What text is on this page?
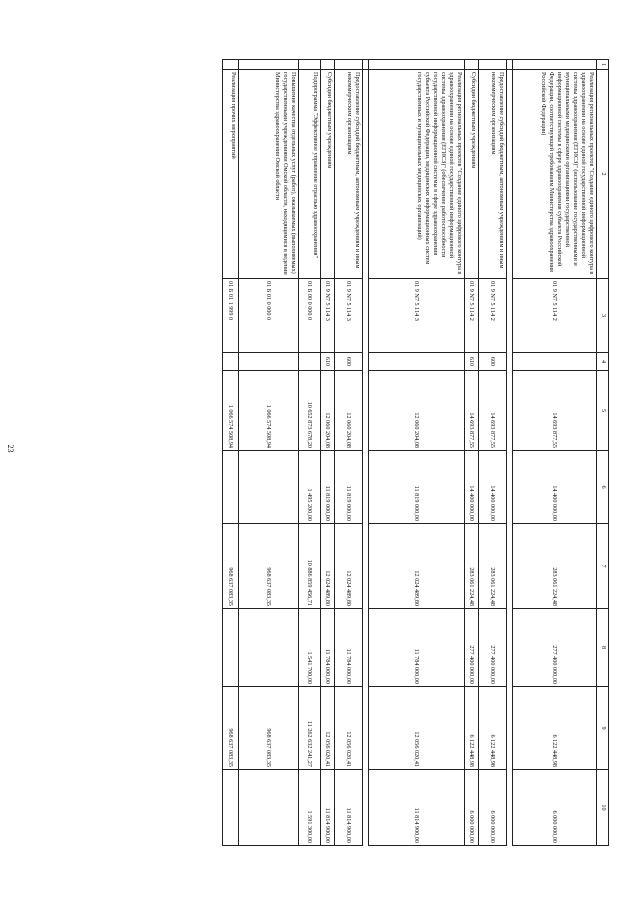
23
1	2	3	4	5	6	7	8	9	10
	Реализация региональных проектов "Создание единого цифрового контура в здравоохранении на основе единой государственной информационной системы здравоохранения (ЕГИСЗ)" (использование государственными и муниципальными медицинскими организациями государственной информационной системы в сфере здравоохранения субъекта Российской Федерации, соответствующей требованиям Министерства здравоохранения Российской Федерации)	01 9 N7 5 114 2		14 693 877,55	14 400 000,00	283 061 224,48	277 400 000,00	6 122 448,98	6 000 000,00

	Предоставление субсидий бюджетным, автономным учреждениям и иным некоммерческим организациям	01 9 N7 5 114 2	600	14 693 877,55	14 400 000,00	283 061 224,48	277 400 000,00	6 122 448,98	6 000 000,00
	Субсидии бюджетным учреждениям	01 9 N7 5 114 2	610	14 693 877,55	14 400 000,00	283 061 224,48	277 400 000,00	6 122 448,98	6 000 000,00
	Реализация региональных проектов "Создание единого цифрового контура в здравоохранении на основе единой государственной информационной системы здравоохранения (ЕГИСЗ)" (обеспечение работоспособности государственной информационной системы в сфере здравоохранения субъекта Российской Федерации, медицинских информационных систем государственных и муниципальных медицинских организаций)	01 9 N7 5 114 3		12 060 204,08	11 819 000,00	12 024 489,80	11 784 000,00	12 056 020,41	11 814 900,00

	Предоставление субсидий бюджетным, автономным учреждениям и иным некоммерческим организациям	01 9 N7 5 114 3	600	12 060 204,08	11 819 000,00	12 024 489,80	11 784 000,00	12 056 020,41	11 814 900,00
	Субсидии бюджетным учреждениям	01 9 N7 5 114 3	610	12 060 204,08	11 819 000,00	12 024 489,80	11 784 000,00	12 056 020,41	11 814 900,00
	Подпрограмма "Эффективное управление отраслью здравоохранения"	01 Б 00 0 000 0		10 652 873 678,20	1 495 200,00	10 886 859 456,71	1 541 700,00	11 262 632 241,27	1 591 300,00
	Повышение качества отдельных услуг (работ), оказываемых (выполняемых) государственными учреждениями Омской области, находящимися в ведении Министерства здравоохранения Омской области	01 Б 01 0 000 0		1 066 574 508,94		968 637 083,35		968 637 083,35	
	Реализация прочих мероприятий	01 Б 01 1 999 0		1 066 574 508,94		968 637 083,35		968 637 083,35	
